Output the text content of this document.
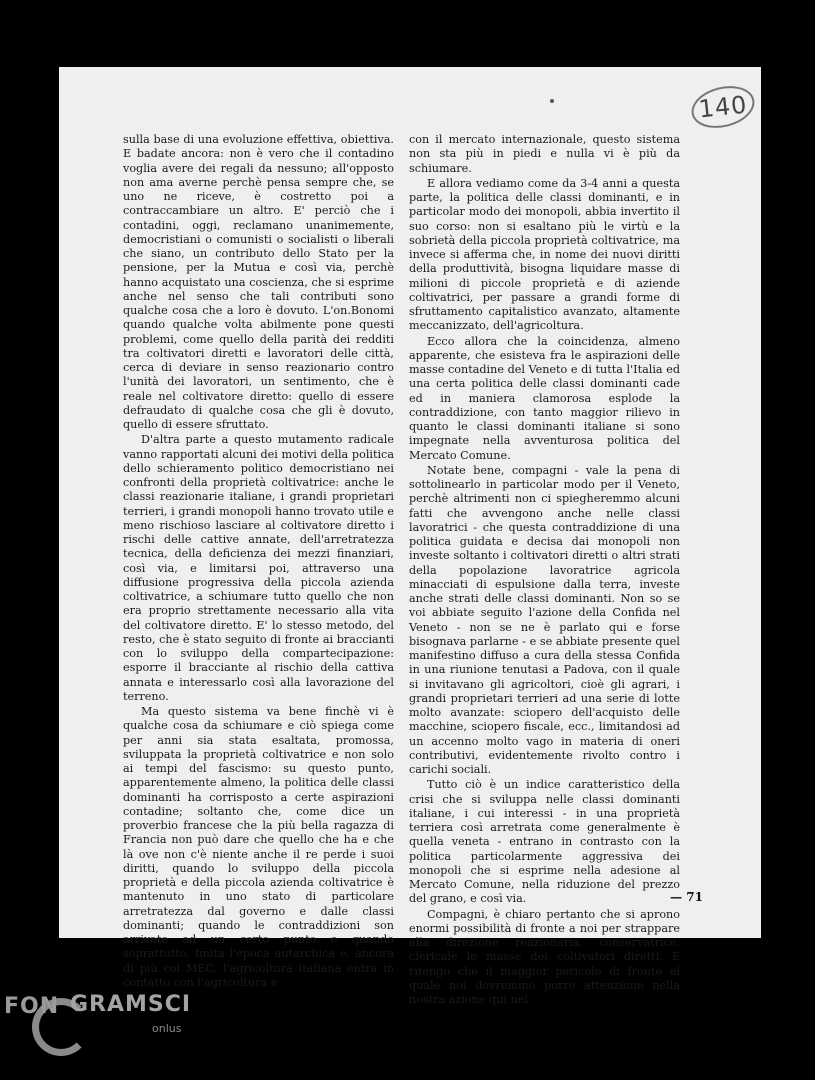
140

sulla base di una evoluzione effettiva, obiettiva. E badate ancora: non è vero che il contadino voglia avere dei regali da nessuno; all'opposto non ama averne perchè pensa sempre che, se uno ne riceve, è costretto poi a contraccambiare un altro. E' perciò che i contadini, oggi, reclamano unanimemente, democristiani o comunisti o socialisti o liberali che siano, un contributo dello Stato per la pensione, per la Mutua e così via, perchè hanno acquistato una coscienza, che si esprime anche nel senso che tali contributi sono qualche cosa che a loro è dovuto. L'on.Bonomi quando qualche volta abilmente pone questi problemi, come quello della parità dei redditi tra coltivatori diretti e lavoratori delle città, cerca di deviare in senso reazionario contro l'unità dei lavoratori, un sentimento, che è reale nel coltivatore diretto: quello di essere defraudato di qualche cosa che gli è dovuto, quello di essere sfruttato.

D'altra parte a questo mutamento radicale vanno rapportati alcuni dei motivi della politica dello schieramento politico democristiano nei confronti della proprietà coltivatrice: anche le classi reazionarie italiane, i grandi proprietari terrieri, i grandi monopoli hanno trovato utile e meno rischioso lasciare al coltivatore diretto i rischi delle cattive annate, dell'arretratezza tecnica, della deficienza dei mezzi finanziari, così via, e limitarsi poi, attraverso una diffusione progressiva della piccola azienda coltivatrice, a schiumare tutto quello che non era proprio strettamente necessario alla vita del coltivatore diretto. E' lo stesso metodo, del resto, che è stato seguito di fronte ai braccianti con lo sviluppo della compartecipazione: esporre il bracciante al rischio della cattiva annata e interessarlo così alla lavorazione del terreno.

Ma questo sistema va bene finchè vi è qualche cosa da schiumare e ciò spiega come per anni sia stata esaltata, promossa, sviluppata la proprietà coltivatrice e non solo ai tempi del fascismo: su questo punto, apparentemente almeno, la politica delle classi dominanti ha corrisposto a certe aspirazioni contadine; soltanto che, come dice un proverbio francese che la più bella ragazza di Francia non può dare che quello che ha e che là ove non c'è niente anche il re perde i suoi diritti, quando lo sviluppo della piccola proprietà e della piccola azienda coltivatrice è mantenuto in uno stato di particolare arretratezza dal governo e dalle classi dominanti; quando le contraddizioni son arrivate ad un certo punto e quando soprattutto, finita l'epoca autarchica e, ancora di più col MEC, l'agricoltura italiana entra in contatto con l'agricoltura e

con il mercato internazionale, questo sistema non sta più in piedi e nulla vi è più da schiumare.

E allora vediamo come da 3-4 anni a questa parte, la politica delle classi dominanti, e in particolar modo dei monopoli, abbia invertito il suo corso: non si esaltano più le virtù e la sobrietà della piccola proprietà coltivatrice, ma invece si afferma che, in nome dei nuovi diritti della produttività, bisogna liquidare masse di milioni di piccole proprietà e di aziende coltivatrici, per passare a grandi forme di sfruttamento capitalistico avanzato, altamente meccanizzato, dell'agricoltura.

Ecco allora che la coincidenza, almeno apparente, che esisteva fra le aspirazioni delle masse contadine del Veneto e di tutta l'Italia ed una certa politica delle classi dominanti cade ed in maniera clamorosa esplode la contraddizione, con tanto maggior rilievo in quanto le classi dominanti italiane si sono impegnate nella avventurosa politica del Mercato Comune.

Notate bene, compagni - vale la pena di sottolinearlo in particolar modo per il Veneto, perchè altrimenti non ci spiegheremmo alcuni fatti che avvengono anche nelle classi lavoratrici - che questa contraddizione di una politica guidata e decisa dai monopoli non investe soltanto i coltivatori diretti o altri strati della popolazione lavoratrice agricola minacciati di espulsione dalla terra, investe anche strati delle classi dominanti. Non so se voi abbiate seguito l'azione della Confida nel Veneto - non se ne è parlato qui e forse bisognava parlarne - e se abbiate presente quel manifestino diffuso a cura della stessa Confida in una riunione tenutasi a Padova, con il quale si invitavano gli agricoltori, cioè gli agrari, i grandi proprietari terrieri ad una serie di lotte molto avanzate: sciopero dell'acquisto delle macchine, sciopero fiscale, ecc., limitandosi ad un accenno molto vago in materia di oneri contributivi, evidentemente rivolto contro i carichi sociali.

Tutto ciò è un indice caratteristico della crisi che si sviluppa nelle classi dominanti italiane, i cui interessi - in una proprietà terriera così arretrata come generalmente è quella veneta - entrano in contrasto con la politica particolarmente aggressiva dei monopoli che si esprime nella adesione al Mercato Comune, nella riduzione del prezzo del grano, e così via.

Compagni, è chiaro pertanto che si aprono enormi possibilità di fronte a noi per strappare alla direzione reazionaria, conservatrice, clericale le masse dei coltivatori diretti. E ritengo che il maggior pericolo di fronte al quale noi dovremmo porre attenzione nella nostra azione qui nel

— 71
FON GRAMSCI
onlus
